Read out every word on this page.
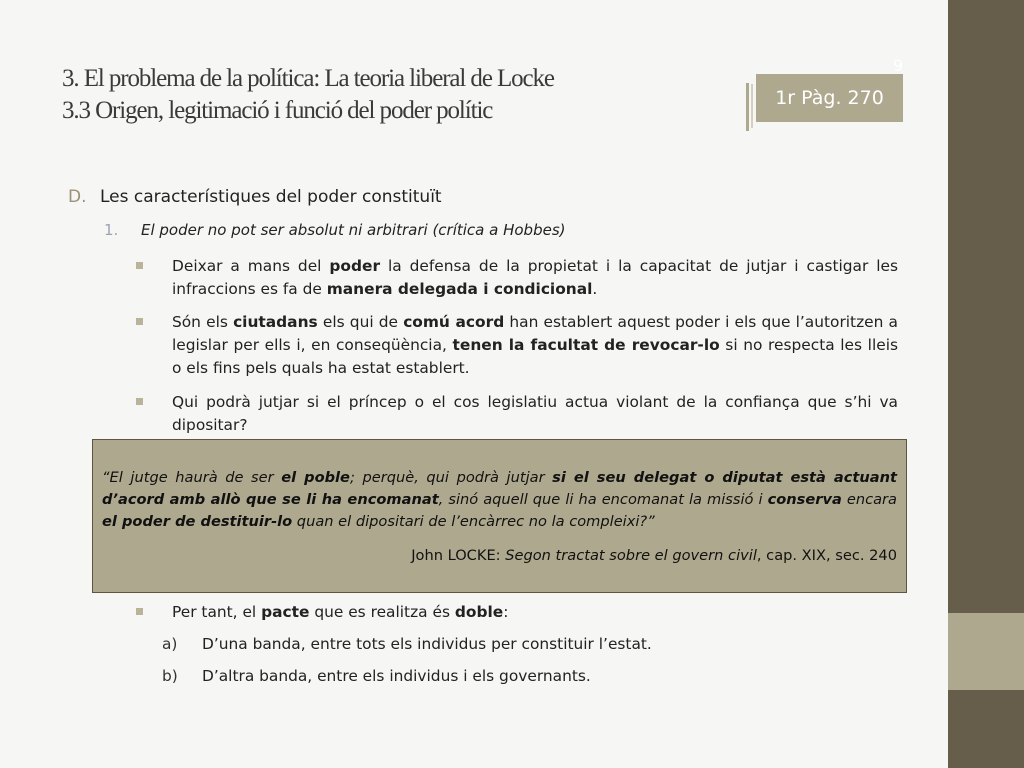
3. El problema de la política: La teoria liberal de Locke
3.3 Origen, legitimació i funció del poder polític	1r Pàg. 270
9
D. Les característiques del poder constituït
1. El poder no pot ser absolut ni arbitrari (crítica a Hobbes)
Deixar a mans del poder la defensa de la propietat i la capacitat de jutjar i castigar les infraccions es fa de manera delegada i condicional.
Són els ciutadans els qui de comú acord han establert aquest poder i els que l’autoritzen a legislar per ells i, en conseqüència, tenen la facultat de revocar-lo si no respecta les lleis o els fins pels quals ha estat establert.
Qui podrà jutjar si el príncep o el cos legislatiu actua violant de la confiança que s’hi va dipositar?
“El jutge haurà de ser el poble; perquè, qui podrà jutjar si el seu delegat o diputat està actuant d’acord amb allò que se li ha encomanat, sinó aquell que li ha encomanat la missió i conserva encara el poder de destituir-lo quan el dipositari de l’encàrrec no la compleixi?”
John LOCKE: Segon tractat sobre el govern civil, cap. XIX, sec. 240
Per tant, el pacte que es realitza és doble:
a) D’una banda, entre tots els individus per constituir l’estat.
b) D’altra banda, entre els individus i els governants.
